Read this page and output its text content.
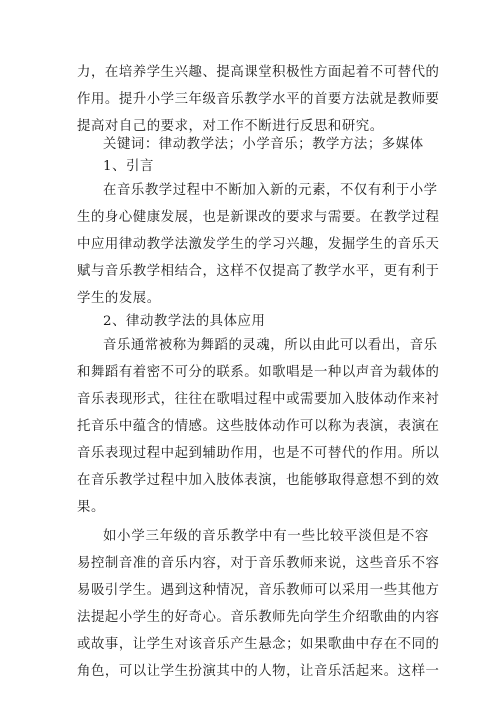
力，在培养学生兴趣、提高课堂积极性方面起着不可替代的
作用。提升小学三年级音乐教学水平的首要方法就是教师要
提高对自己的要求，对工作不断进行反思和研究。
关键词：律动教学法；小学音乐；教学方法；多媒体
1、引言
在音乐教学过程中不断加入新的元素，不仅有利于小学
生的身心健康发展，也是新课改的要求与需要。在教学过程
中应用律动教学法激发学生的学习兴趣，发掘学生的音乐天
赋与音乐教学相结合，这样不仅提高了教学水平，更有利于
学生的发展。
2、律动教学法的具体应用
音乐通常被称为舞蹈的灵魂，所以由此可以看出，音乐
和舞蹈有着密不可分的联系。如歌唱是一种以声音为载体的
音乐表现形式，往往在歌唱过程中或需要加入肢体动作来衬
托音乐中蕴含的情感。这些肢体动作可以称为表演，表演在
音乐表现过程中起到辅助作用，也是不可替代的作用。所以
在音乐教学过程中加入肢体表演，也能够取得意想不到的效
果。
如小学三年级的音乐教学中有一些比较平淡但是不容
易控制音准的音乐内容，对于音乐教师来说，这些音乐不容
易吸引学生。遇到这种情况，音乐教师可以采用一些其他方
法提起小学生的好奇心。音乐教师先向学生介绍歌曲的内容
或故事，让学生对该音乐产生悬念；如果歌曲中存在不同的
角色，可以让学生扮演其中的人物，让音乐活起来。这样一
